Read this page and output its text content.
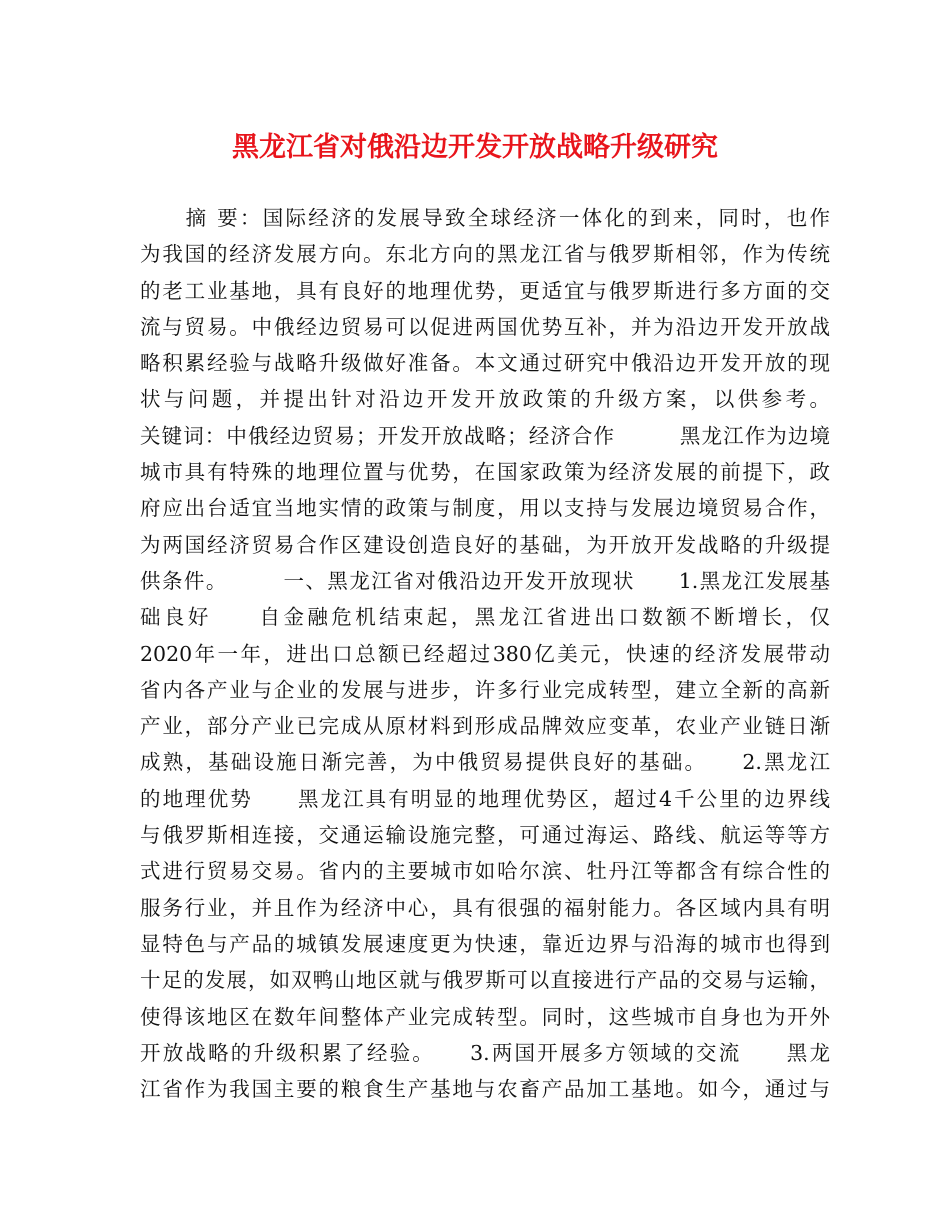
黑龙江省对俄沿边开发开放战略升级研究
　　摘 要：国际经济的发展导致全球经济一体化的到来，同时，也作
为我国的经济发展方向。东北方向的黑龙江省与俄罗斯相邻，作为传统
的老工业基地，具有良好的地理优势，更适宜与俄罗斯进行多方面的交
流与贸易。中俄经边贸易可以促进两国优势互补，并为沿边开发开放战
略积累经验与战略升级做好准备。本文通过研究中俄沿边开发开放的现
状与问题，并提出针对沿边开发开放政策的升级方案，以供参考。
关键词：中俄经边贸易；开发开放战略；经济合作　　　黑龙江作为边境
城市具有特殊的地理位置与优势，在国家政策为经济发展的前提下，政
府应出台适宜当地实情的政策与制度，用以支持与发展边境贸易合作，
为两国经济贸易合作区建设创造良好的基础，为开放开发战略的升级提
供条件。　　　一、黑龙江省对俄沿边开发开放现状　　1.黑龙江发展基
础良好　　自金融危机结束起，黑龙江省进出口数额不断增长，仅
2020年一年，进出口总额已经超过380亿美元，快速的经济发展带动
省内各产业与企业的发展与进步，许多行业完成转型，建立全新的高新
产业，部分产业已完成从原材料到形成品牌效应变革，农业产业链日渐
成熟，基础设施日渐完善，为中俄贸易提供良好的基础。　　2.黑龙江
的地理优势　　黑龙江具有明显的地理优势区，超过4千公里的边界线
与俄罗斯相连接，交通运输设施完整，可通过海运、路线、航运等等方
式进行贸易交易。省内的主要城市如哈尔滨、牡丹江等都含有综合性的
服务行业，并且作为经济中心，具有很强的福射能力。各区域内具有明
显特色与产品的城镇发展速度更为快速，靠近边界与沿海的城市也得到
十足的发展，如双鸭山地区就与俄罗斯可以直接进行产品的交易与运输，
使得该地区在数年间整体产业完成转型。同时，这些城市自身也为开外
开放战略的升级积累了经验。　　3.两国开展多方领域的交流　　黑龙
江省作为我国主要的粮食生产基地与农畜产品加工基地。如今，通过与
